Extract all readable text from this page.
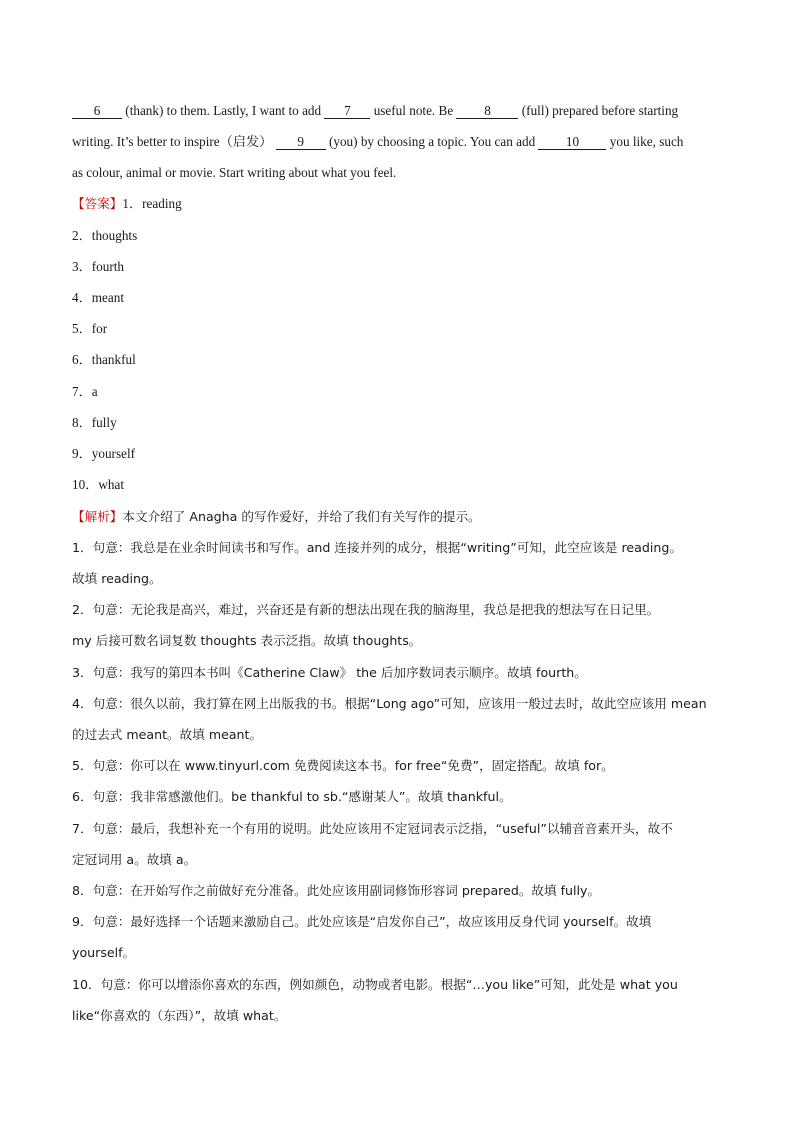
6 (thank) to them. Lastly, I want to add 7 useful note. Be 8 (full) prepared before starting
writing. It’s better to inspire（启发） 9 (you) by choosing a topic. You can add 10 you like, such
as colour, animal or movie. Start writing about what you feel.
【答案】1．reading
2．thoughts
3．fourth
4．meant
5．for
6．thankful
7．a
8．fully
9．yourself
10．what
【解析】本文介绍了 Anagha 的写作爱好，并给了我们有关写作的提示。
1．句意：我总是在业余时间读书和写作。and 连接并列的成分，根据“writing”可知，此空应该是 reading。
故填 reading。
2．句意：无论我是高兴，难过，兴奋还是有新的想法出现在我的脑海里，我总是把我的想法写在日记里。
my 后接可数名词复数 thoughts 表示泛指。故填 thoughts。
3．句意：我写的第四本书叫《Catherine Claw》 the 后加序数词表示顺序。故填 fourth。
4．句意：很久以前，我打算在网上出版我的书。根据“Long ago”可知，应该用一般过去时，故此空应该用 mean
的过去式 meant。故填 meant。
5．句意：你可以在 www.tinyurl.com 免费阅读这本书。for free“免费”，固定搭配。故填 for。
6．句意：我非常感激他们。be thankful to sb.“感谢某人”。故填 thankful。
7．句意：最后，我想补充一个有用的说明。此处应该用不定冠词表示泛指，“useful”以辅音音素开头，故不
定冠词用 a。故填 a。
8．句意：在开始写作之前做好充分准备。此处应该用副词修饰形容词 prepared。故填 fully。
9．句意：最好选择一个话题来激励自己。此处应该是“启发你自己”，故应该用反身代词 yourself。故填
yourself。
10．句意：你可以增添你喜欢的东西，例如颜色，动物或者电影。根据“…you like”可知，此处是 what you
like“你喜欢的（东西）”，故填 what。
